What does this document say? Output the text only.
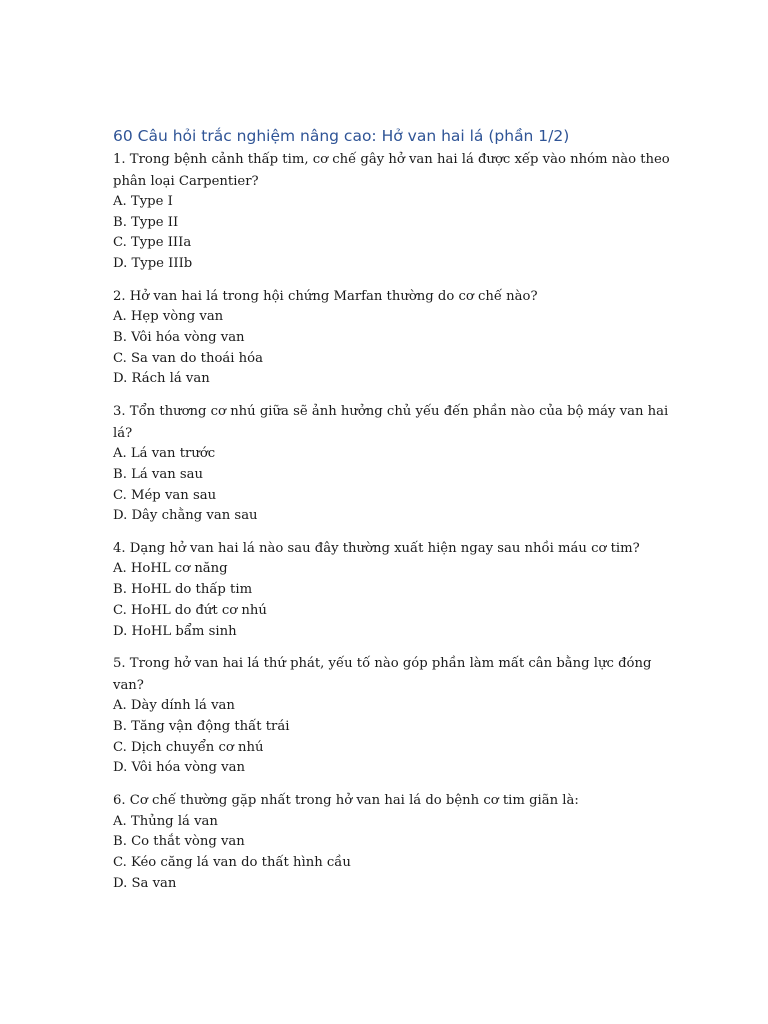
60 Câu hỏi trắc nghiệm nâng cao: Hở van hai lá (phần 1/2)
1. Trong bệnh cảnh thấp tim, cơ chế gây hở van hai lá được xếp vào nhóm nào theo phân loại Carpentier?
A. Type I
B. Type II
C. Type IIIa
D. Type IIIb
2. Hở van hai lá trong hội chứng Marfan thường do cơ chế nào?
A. Hẹp vòng van
B. Vôi hóa vòng van
C. Sa van do thoái hóa
D. Rách lá van
3. Tổn thương cơ nhú giữa sẽ ảnh hưởng chủ yếu đến phần nào của bộ máy van hai lá?
A. Lá van trước
B. Lá van sau
C. Mép van sau
D. Dây chằng van sau
4. Dạng hở van hai lá nào sau đây thường xuất hiện ngay sau nhồi máu cơ tim?
A. HoHL cơ năng
B. HoHL do thấp tim
C. HoHL do đứt cơ nhú
D. HoHL bẩm sinh
5. Trong hở van hai lá thứ phát, yếu tố nào góp phần làm mất cân bằng lực đóng van?
A. Dày dính lá van
B. Tăng vận động thất trái
C. Dịch chuyển cơ nhú
D. Vôi hóa vòng van
6. Cơ chế thường gặp nhất trong hở van hai lá do bệnh cơ tim giãn là:
A. Thủng lá van
B. Co thắt vòng van
C. Kéo căng lá van do thất hình cầu
D. Sa van
